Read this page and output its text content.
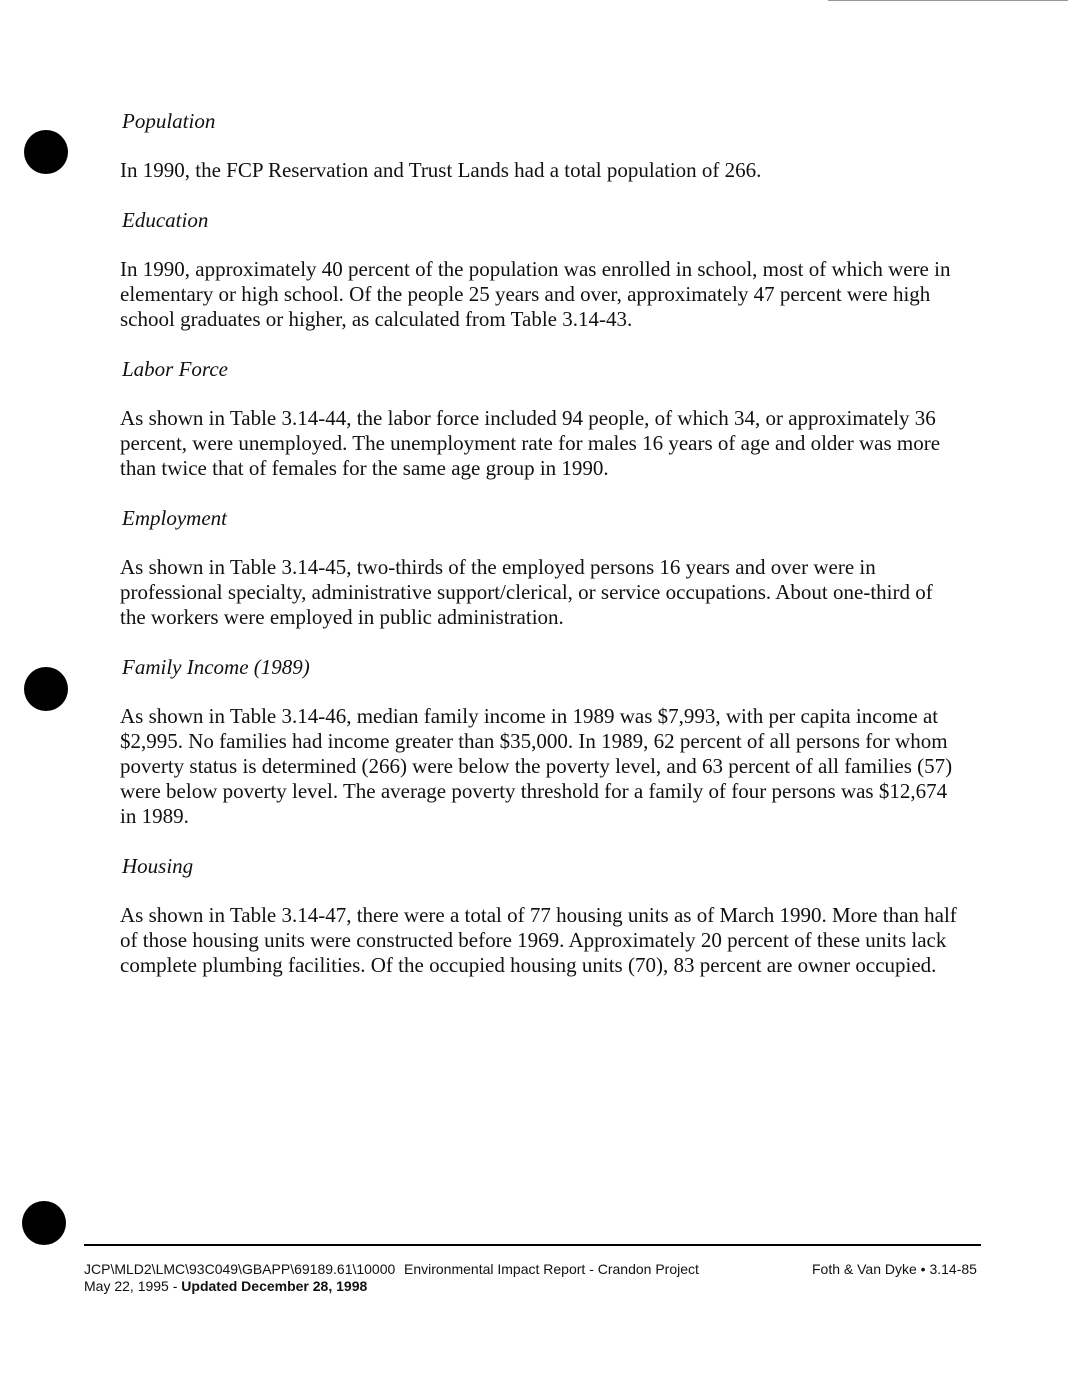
Population

In 1990, the FCP Reservation and Trust Lands had a total population of 266.

Education

In 1990, approximately 40 percent of the population was enrolled in school, most of which were in elementary or high school. Of the people 25 years and over, approximately 47 percent were high school graduates or higher, as calculated from Table 3.14-43.

Labor Force

As shown in Table 3.14-44, the labor force included 94 people, of which 34, or approximately 36 percent, were unemployed. The unemployment rate for males 16 years of age and older was more than twice that of females for the same age group in 1990.

Employment

As shown in Table 3.14-45, two-thirds of the employed persons 16 years and over were in professional specialty, administrative support/clerical, or service occupations. About one-third of the workers were employed in public administration.

Family Income (1989)

As shown in Table 3.14-46, median family income in 1989 was $7,993, with per capita income at $2,995. No families had income greater than $35,000. In 1989, 62 percent of all persons for whom poverty status is determined (266) were below the poverty level, and 63 percent of all families (57) were below poverty level. The average poverty threshold for a family of four persons was $12,674 in 1989.

Housing

As shown in Table 3.14-47, there were a total of 77 housing units as of March 1990. More than half of those housing units were constructed before 1969. Approximately 20 percent of these units lack complete plumbing facilities. Of the occupied housing units (70), 83 percent are owner occupied.

JCP\MLD2\LMC\93C049\GBAPP\69189.61\10000
May 22, 1995 - Updated December 28, 1998
Environmental Impact Report - Crandon Project	Foth & Van Dyke • 3.14-85
